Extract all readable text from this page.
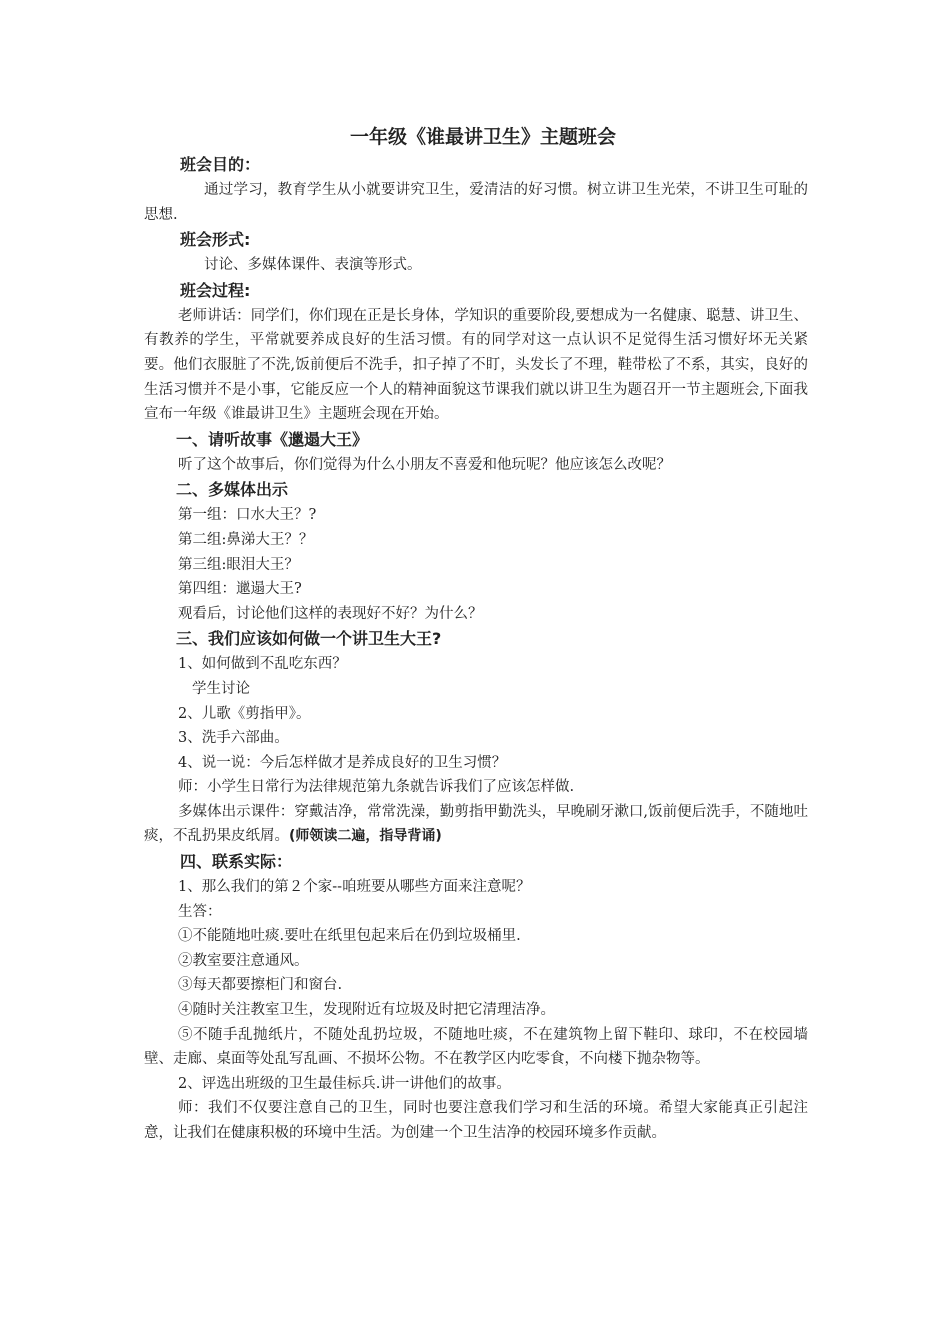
一年级《谁最讲卫生》主题班会
班会目的：

通过学习，教育学生从小就要讲究卫生，爱清洁的好习惯。树立讲卫生光荣，不讲卫生可耻的思想.

班会形式:

讨论、多媒体课件、表演等形式。

班会过程:

老师讲话：同学们，你们现在正是长身体，学知识的重要阶段,要想成为一名健康、聪慧、讲卫生、有教养的学生，平常就要养成良好的生活习惯。有的同学对这一点认识不足觉得生活习惯好坏无关紧要。他们衣服脏了不洗,饭前便后不洗手，扣子掉了不盯，头发长了不理，鞋带松了不系，其实，良好的生活习惯并不是小事，它能反应一个人的精神面貌这节课我们就以讲卫生为题召开一节主题班会,下面我宣布一年级《谁最讲卫生》主题班会现在开始。

一、请听故事《邋遢大王》

听了这个故事后，你们觉得为什么小朋友不喜爱和他玩呢？他应该怎么改呢？

二、多媒体出示

第一组：口水大王？?

第二组:鼻涕大王？？

第三组:眼泪大王？

第四组：邋遢大王?

观看后，讨论他们这样的表现好不好？为什么？

三、我们应该如何做一个讲卫生大王?

1、如何做到不乱吃东西？

学生讨论

2、儿歌《剪指甲》。

3、洗手六部曲。

4、说一说：今后怎样做才是养成良好的卫生习惯？

师：小学生日常行为法律规范第九条就告诉我们了应该怎样做.

多媒体出示课件：穿戴洁净，常常洗澡，勤剪指甲勤洗头，早晚刷牙漱口,饭前便后洗手，不随地吐痰，不乱扔果皮纸屑。(师领读二遍，指导背诵)

四、联系实际：

1、那么我们的第２个家--咱班要从哪些方面来注意呢？

生答：

①不能随地吐痰.要吐在纸里包起来后在仍到垃圾桶里.

②教室要注意通风。

③每天都要擦柜门和窗台.

④随时关注教室卫生，发现附近有垃圾及时把它清理洁净。

⑤不随手乱抛纸片，不随处乱扔垃圾，不随地吐痰，不在建筑物上留下鞋印、球印，不在校园墙壁、走廊、桌面等处乱写乱画、不损坏公物。不在教学区内吃零食，不向楼下抛杂物等。

2、评选出班级的卫生最佳标兵.讲一讲他们的故事。

师：我们不仅要注意自己的卫生，同时也要注意我们学习和生活的环境。希望大家能真正引起注意，让我们在健康积极的环境中生活。为创建一个卫生洁净的校园环境多作贡献。
